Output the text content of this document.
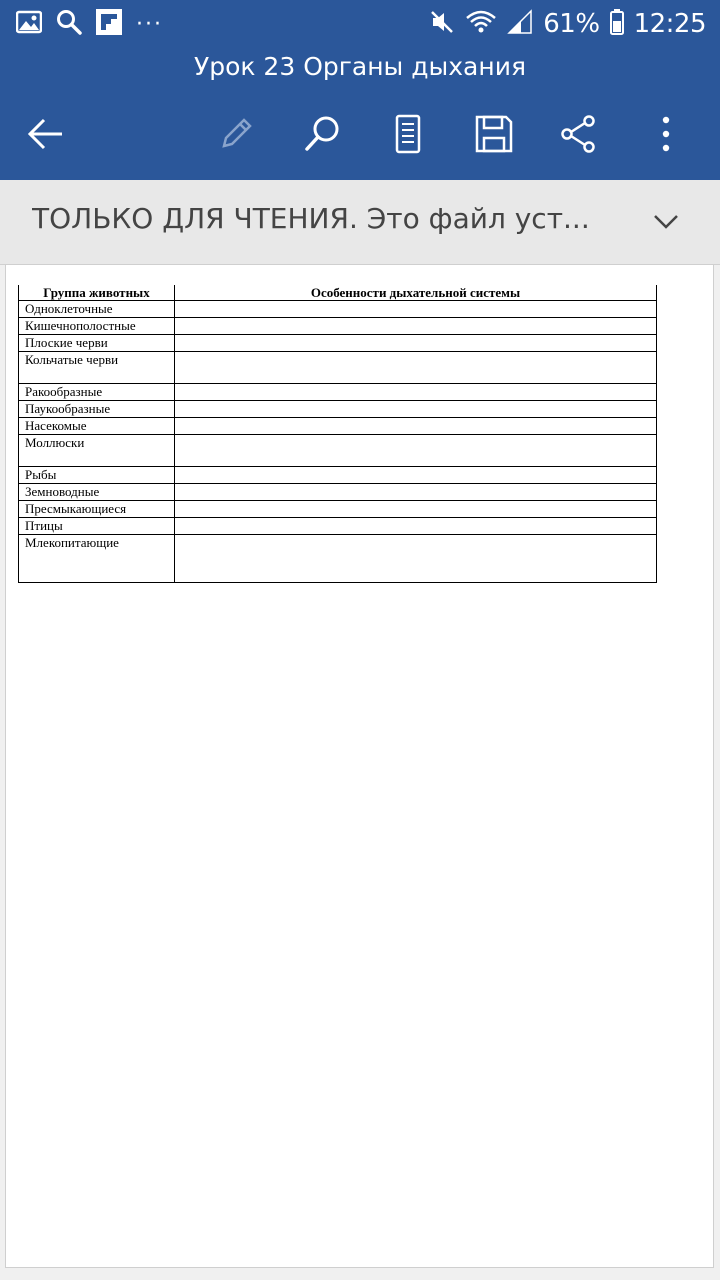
···	61% 12:25
Урок 23 Органы дыхания
ТОЛЬКО ДЛЯ ЧТЕНИЯ. Это файл уст...
Группа животных	Особенности дыхательной системы
Одноклеточные	
Кишечнополостные	
Плоские черви	
Кольчатые черви	
Ракообразные	
Паукообразные	
Насекомые	
Моллюски	
Рыбы	
Земноводные	
Пресмыкающиеся	
Птицы	
Млекопитающие	
